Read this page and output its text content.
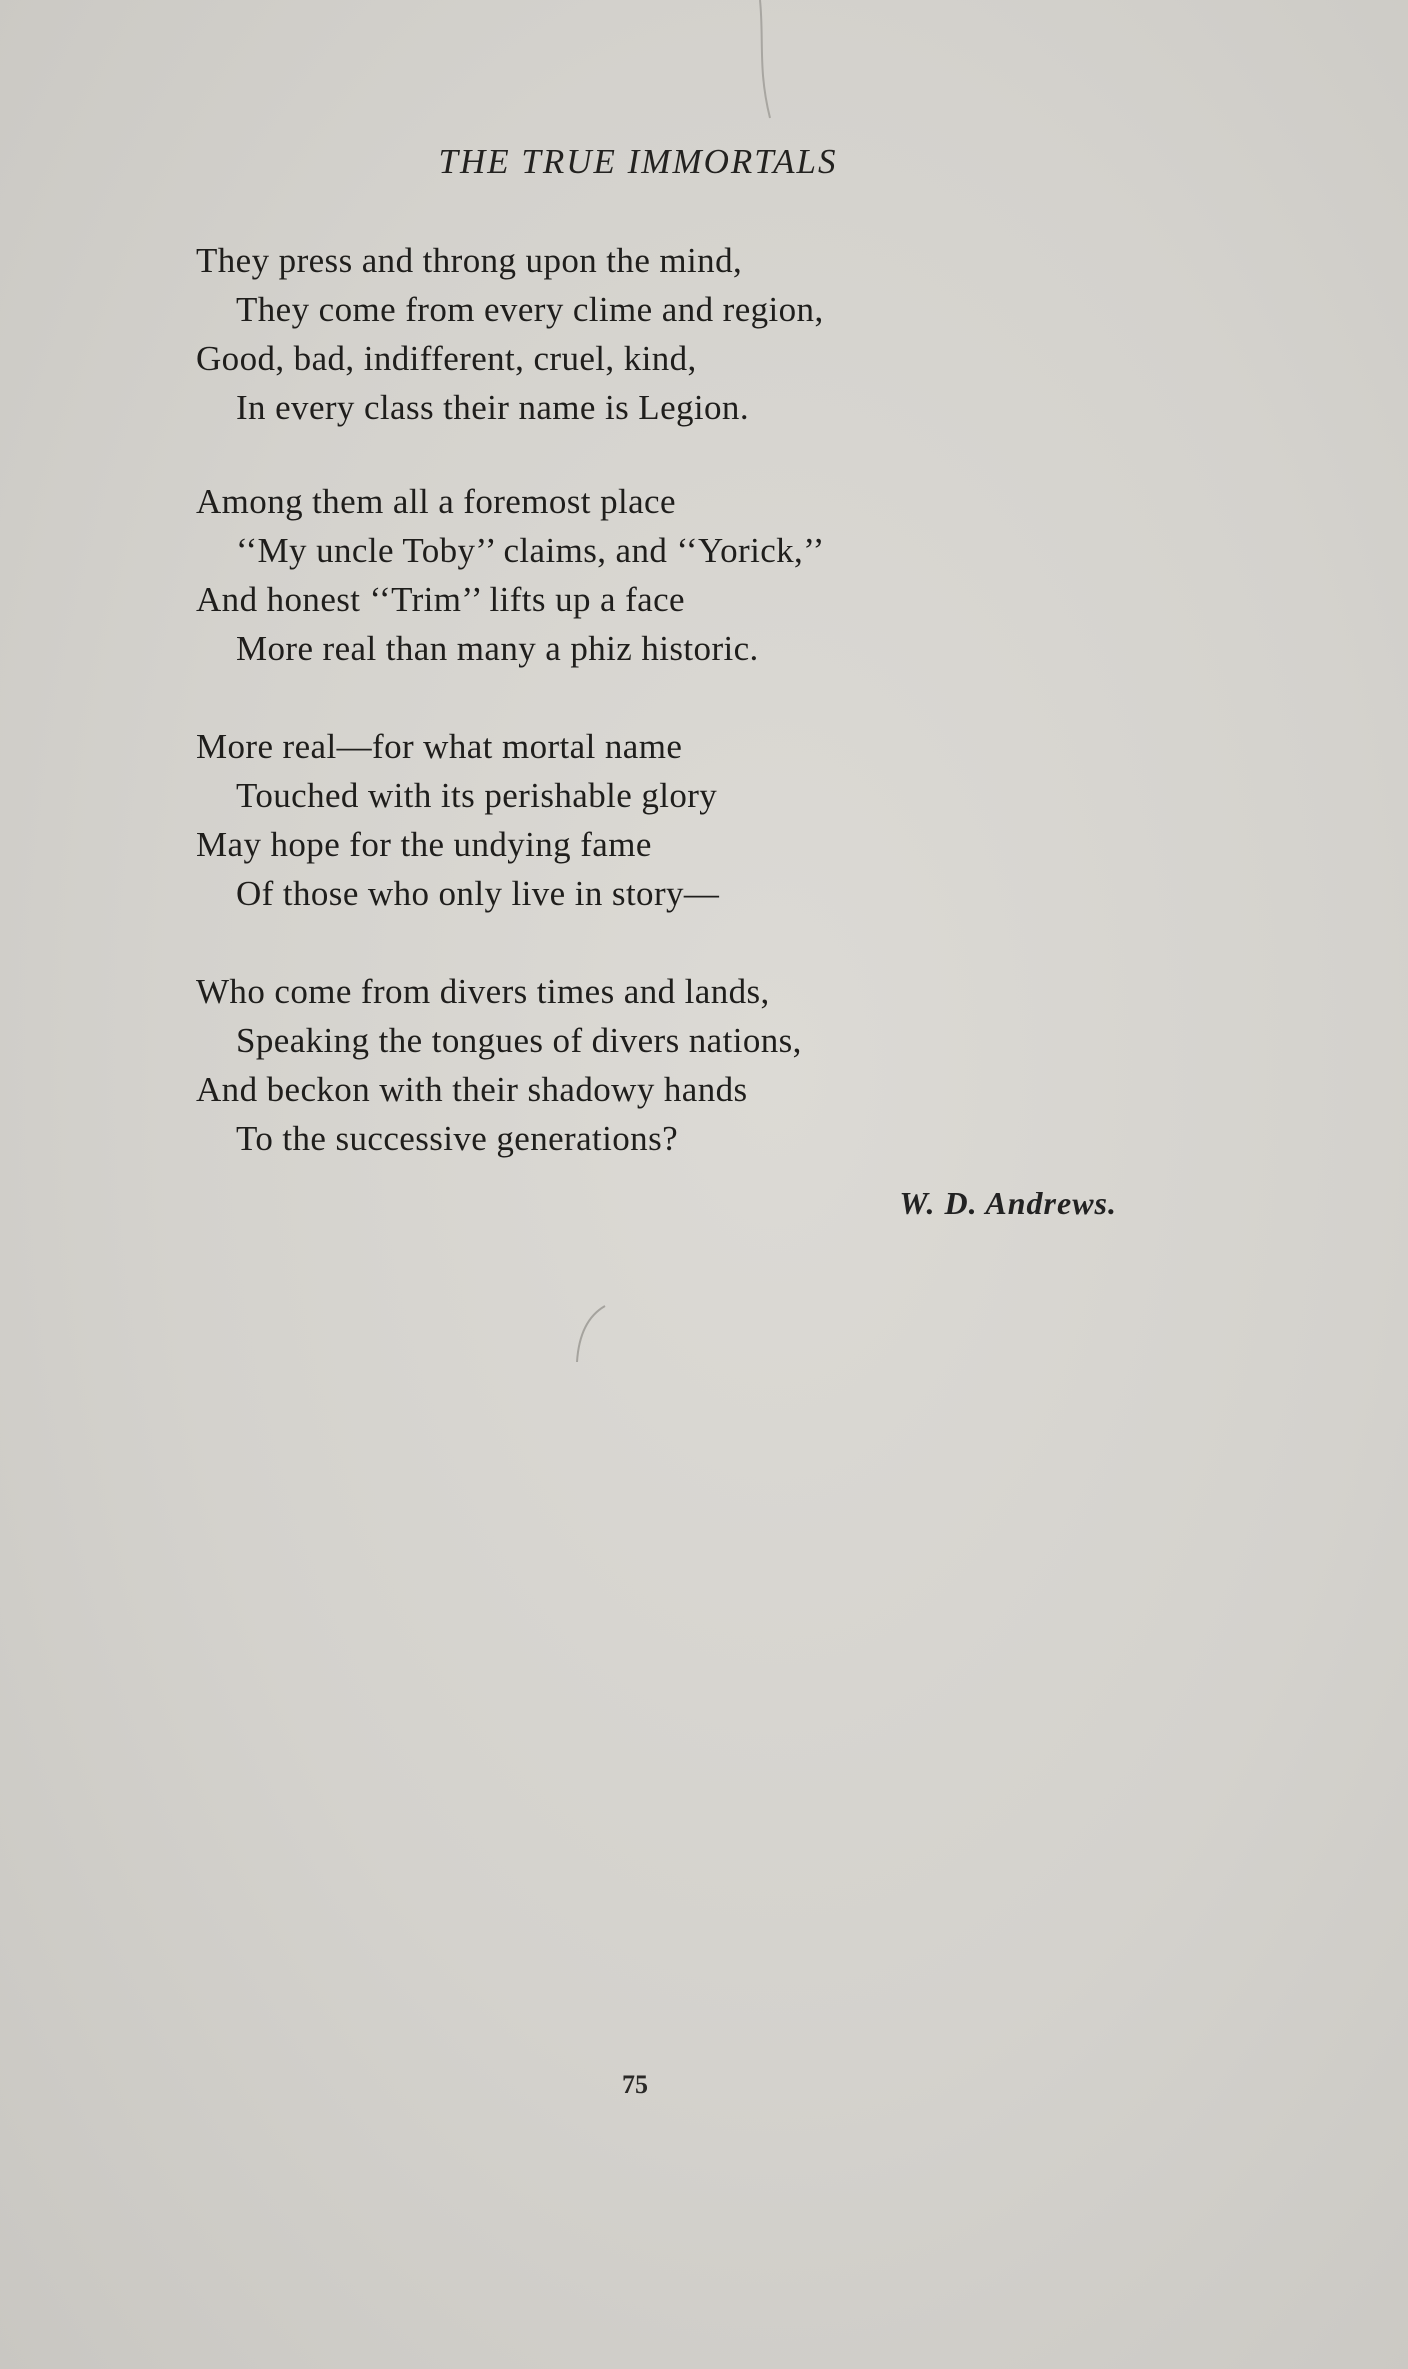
THE TRUE IMMORTALS
They press and throng upon the mind,
They come from every clime and region,
Good, bad, indifferent, cruel, kind,
In every class their name is Legion.
Among them all a foremost place
‘‘My uncle Toby’’ claims, and ‘‘Yorick,’’
And honest ‘‘Trim’’ lifts up a face
More real than many a phiz historic.
More real—for what mortal name
Touched with its perishable glory
May hope for the undying fame
Of those who only live in story—
Who come from divers times and lands,
Speaking the tongues of divers nations,
And beckon with their shadowy hands
To the successive generations?
W. D. Andrews.
75
